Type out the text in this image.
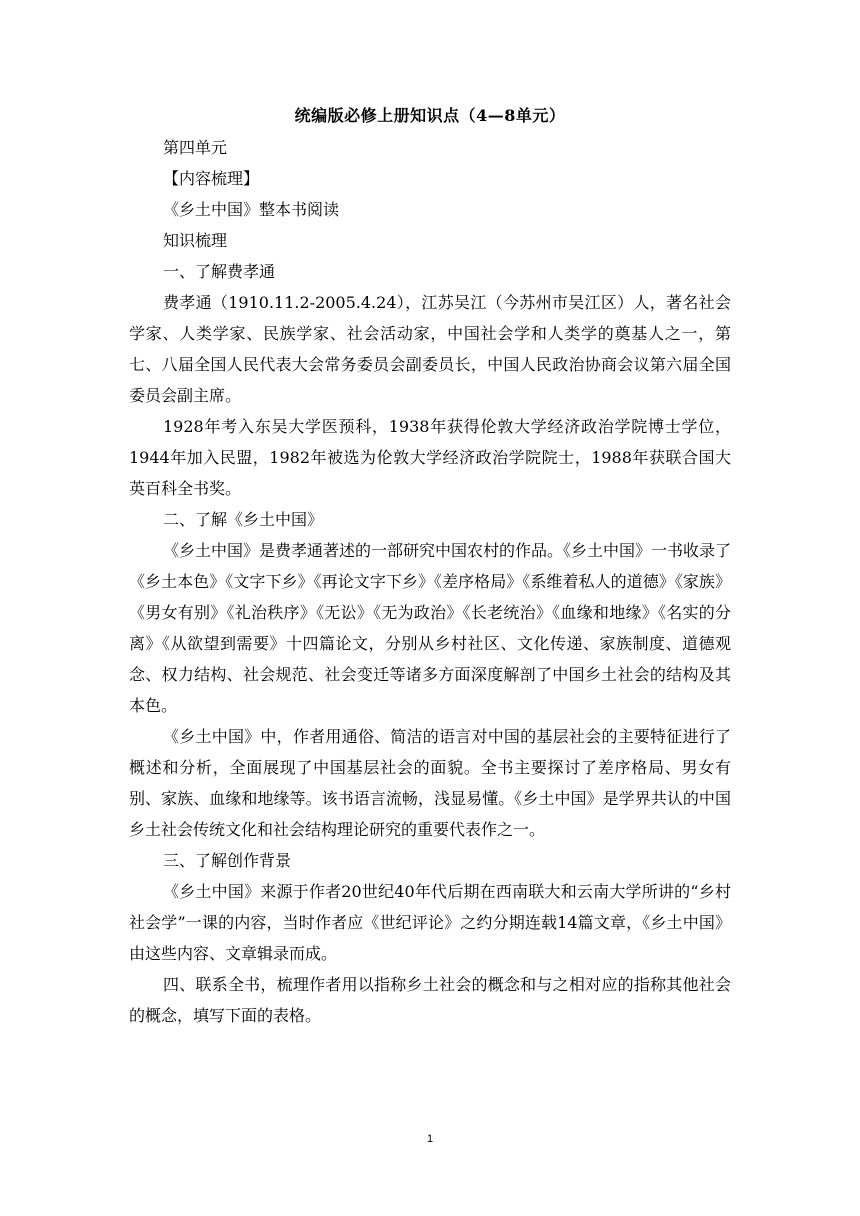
统编版必修上册知识点（4—8单元）

第四单元

【内容梳理】

《乡土中国》整本书阅读

知识梳理

一、了解费孝通

费孝通（1910.11.2-2005.4.24），江苏吴江（今苏州市吴江区）人，著名社会学家、人类学家、民族学家、社会活动家，中国社会学和人类学的奠基人之一，第七、八届全国人民代表大会常务委员会副委员长，中国人民政治协商会议第六届全国委员会副主席。

1928年考入东吴大学医预科，1938年获得伦敦大学经济政治学院博士学位，1944年加入民盟，1982年被选为伦敦大学经济政治学院院士，1988年获联合国大英百科全书奖。

二、了解《乡土中国》

《乡土中国》是费孝通著述的一部研究中国农村的作品。《乡土中国》一书收录了《乡土本色》《文字下乡》《再论文字下乡》《差序格局》《系维着私人的道德》《家族》《男女有别》《礼治秩序》《无讼》《无为政治》《长老统治》《血缘和地缘》《名实的分离》《从欲望到需要》十四篇论文，分别从乡村社区、文化传递、家族制度、道德观念、权力结构、社会规范、社会变迁等诸多方面深度解剖了中国乡土社会的结构及其本色。

《乡土中国》中，作者用通俗、简洁的语言对中国的基层社会的主要特征进行了概述和分析，全面展现了中国基层社会的面貌。全书主要探讨了差序格局、男女有别、家族、血缘和地缘等。该书语言流畅，浅显易懂。《乡土中国》是学界共认的中国乡土社会传统文化和社会结构理论研究的重要代表作之一。

三、了解创作背景

《乡土中国》来源于作者20世纪40年代后期在西南联大和云南大学所讲的“乡村社会学”一课的内容，当时作者应《世纪评论》之约分期连载14篇文章，《乡土中国》由这些内容、文章辑录而成。

四、联系全书，梳理作者用以指称乡土社会的概念和与之相对应的指称其他社会的概念，填写下面的表格。

1
